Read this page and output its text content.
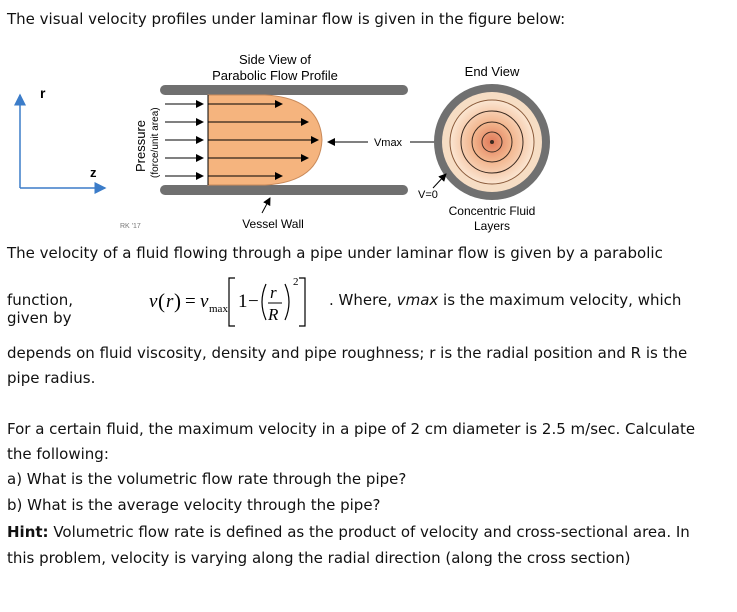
The visual velocity profiles under laminar flow is given in the figure below:
r
z
Pressure (force/unit area)
Side View of
Parabolic Flow Profile	End View
Vmax
V=0
Concentric Fluid
Layers
Vessel Wall
RK '17
The velocity of a fluid flowing through a pipe under laminar flow is given by a parabolic
function, given by
v ( r ) = v max 1 − r
R
2
. Where, vmax is the maximum velocity, which
depends on fluid viscosity, density and pipe roughness; r is the radial position and R is the
pipe radius.
For a certain fluid, the maximum velocity in a pipe of 2 cm diameter is 2.5 m/sec. Calculate
the following:
a) What is the volumetric flow rate through the pipe?
b) What is the average velocity through the pipe?
Hint: Volumetric flow rate is defined as the product of velocity and cross-sectional area. In
this problem, velocity is varying along the radial direction (along the cross section)
